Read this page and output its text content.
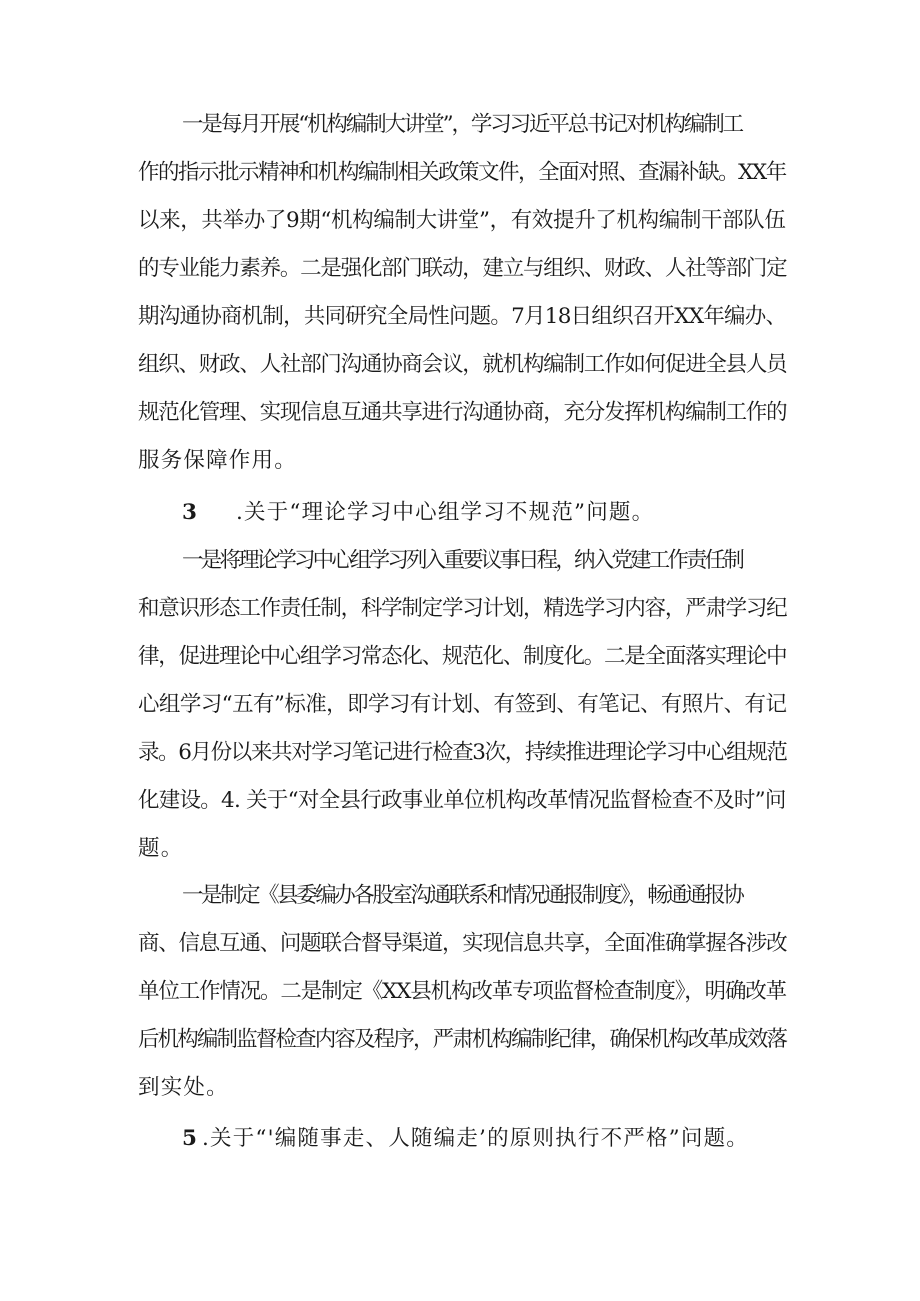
一是每月开展“机构编制大讲堂”，学习习近平总书记对机构编制工
作的指示批示精神和机构编制相关政策文件，全面对照、查漏补缺。XX年
以来，共举办了9期“机构编制大讲堂”，有效提升了机构编制干部队伍
的专业能力素养。二是强化部门联动，建立与组织、财政、人社等部门定
期沟通协商机制，共同研究全局性问题。7月18日组织召开XX年编办、
组织、财政、人社部门沟通协商会议，就机构编制工作如何促进全县人员
规范化管理、实现信息互通共享进行沟通协商，充分发挥机构编制工作的
服务保障作用。
3 .关于“理论学习中心组学习不规范”问题。
一是将理论学习中心组学习列入重要议事日程，纳入党建工作责任制
和意识形态工作责任制，科学制定学习计划，精选学习内容，严肃学习纪
律，促进理论中心组学习常态化、规范化、制度化。二是全面落实理论中
心组学习“五有”标准，即学习有计划、有签到、有笔记、有照片、有记
录。6月份以来共对学习笔记进行检查3次，持续推进理论学习中心组规范
化建设。4. 关于“对全县行政事业单位机构改革情况监督检查不及时”问
题。
一是制定《县委编办各股室沟通联系和情况通报制度》，畅通通报协
商、信息互通、问题联合督导渠道，实现信息共享，全面准确掌握各涉改
单位工作情况。二是制定《XX县机构改革专项监督检查制度》，明确改革
后机构编制监督检查内容及程序，严肃机构编制纪律，确保机构改革成效落
到实处。
5 .关于“'编随事走、人随编走’的原则执行不严格”问题。
